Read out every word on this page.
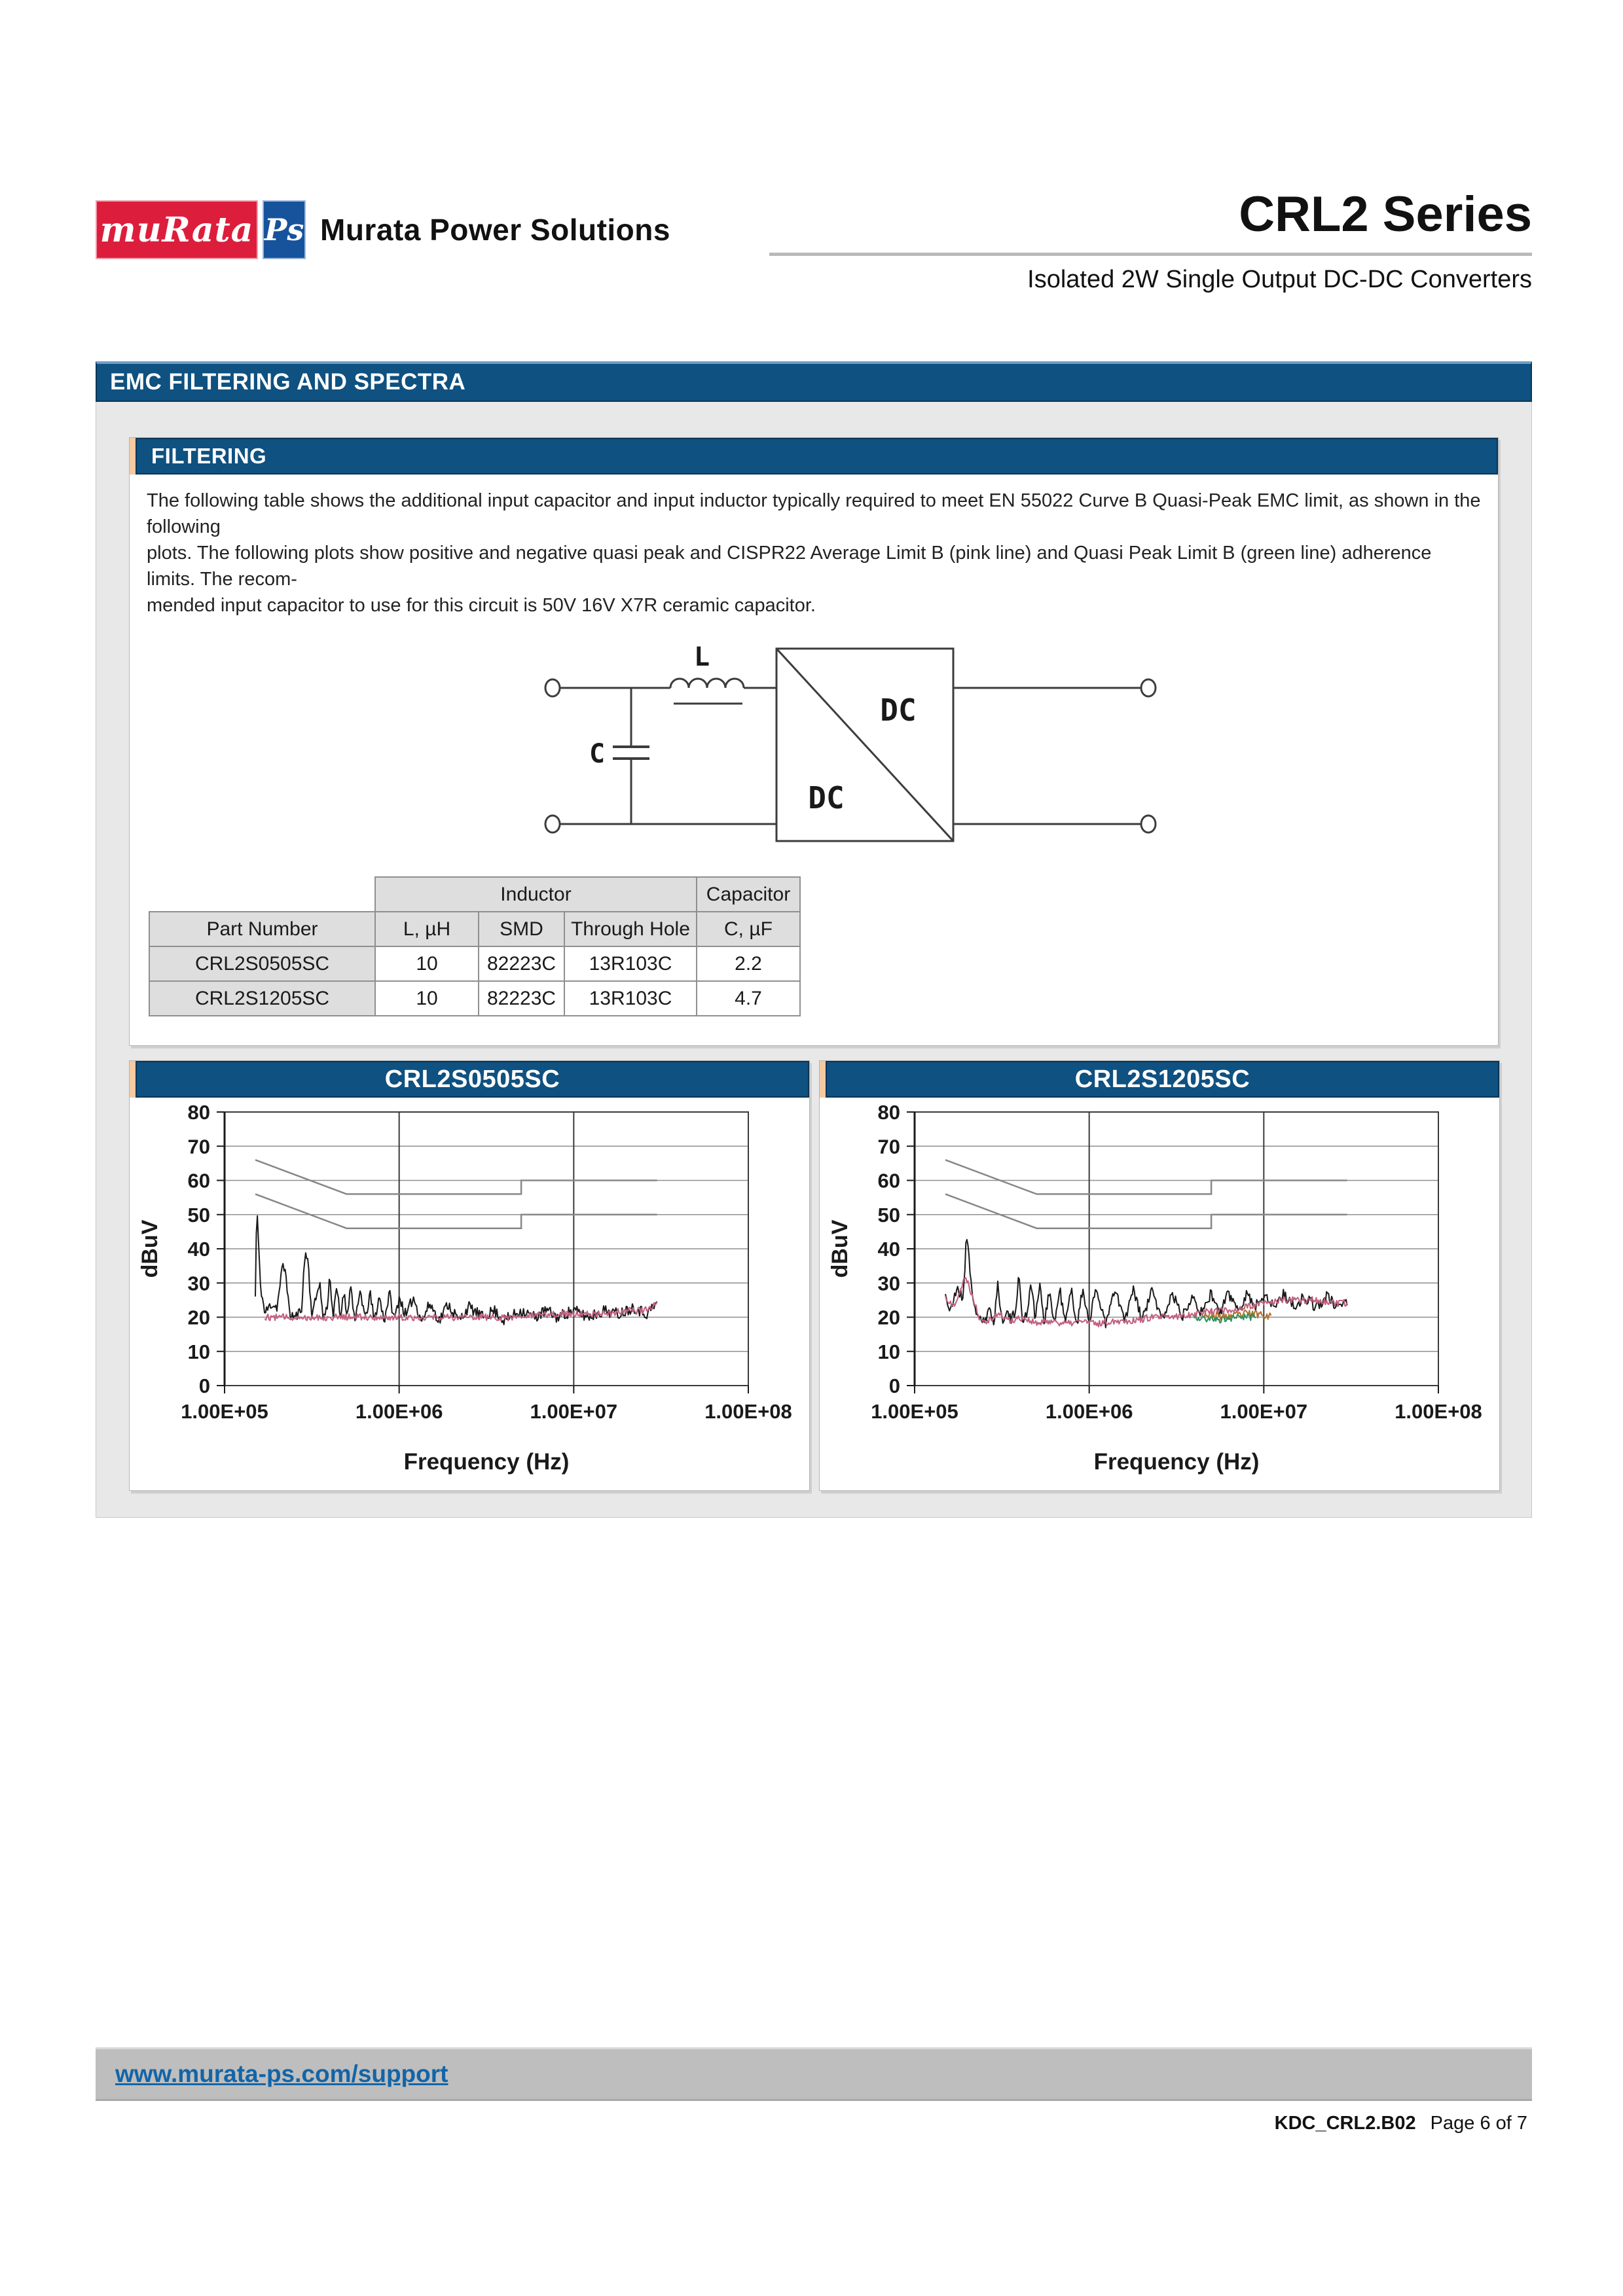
muRata Ps Murata Power Solutions	CRL2 Series
Isolated 2W Single Output DC-DC Converters
EMC FILTERING AND SPECTRA
FILTERING
The following table shows the additional input capacitor and input inductor typically required to meet EN 55022 Curve B Quasi-Peak EMC limit, as shown in the following
plots. The following plots show positive and negative quasi peak and CISPR22 Average Limit B (pink line) and Quasi Peak Limit B (green line) adherence limits. The recom-
mended input capacitor to use for this circuit is 50V 16V X7R ceramic capacitor.
L
C
DC
DC
	Inductor			Capacitor
Part Number	L, µH	SMD	Through Hole	C, µF
CRL2S0505SC	10	82223C	13R103C	2.2
CRL2S1205SC	10	82223C	13R103C	4.7
CRL2S0505SC
0
10
20
30
40
50
60
70
80
1.00E+05	1.00E+06	1.00E+07	1.00E+08
dBuV
Frequency (Hz)
CRL2S1205SC
0
10
20
30
40
50
60
70
80
1.00E+05	1.00E+06	1.00E+07	1.00E+08
dBuV
Frequency (Hz)
www.murata-ps.com/support
KDC_CRL2.B02 Page 6 of 7
